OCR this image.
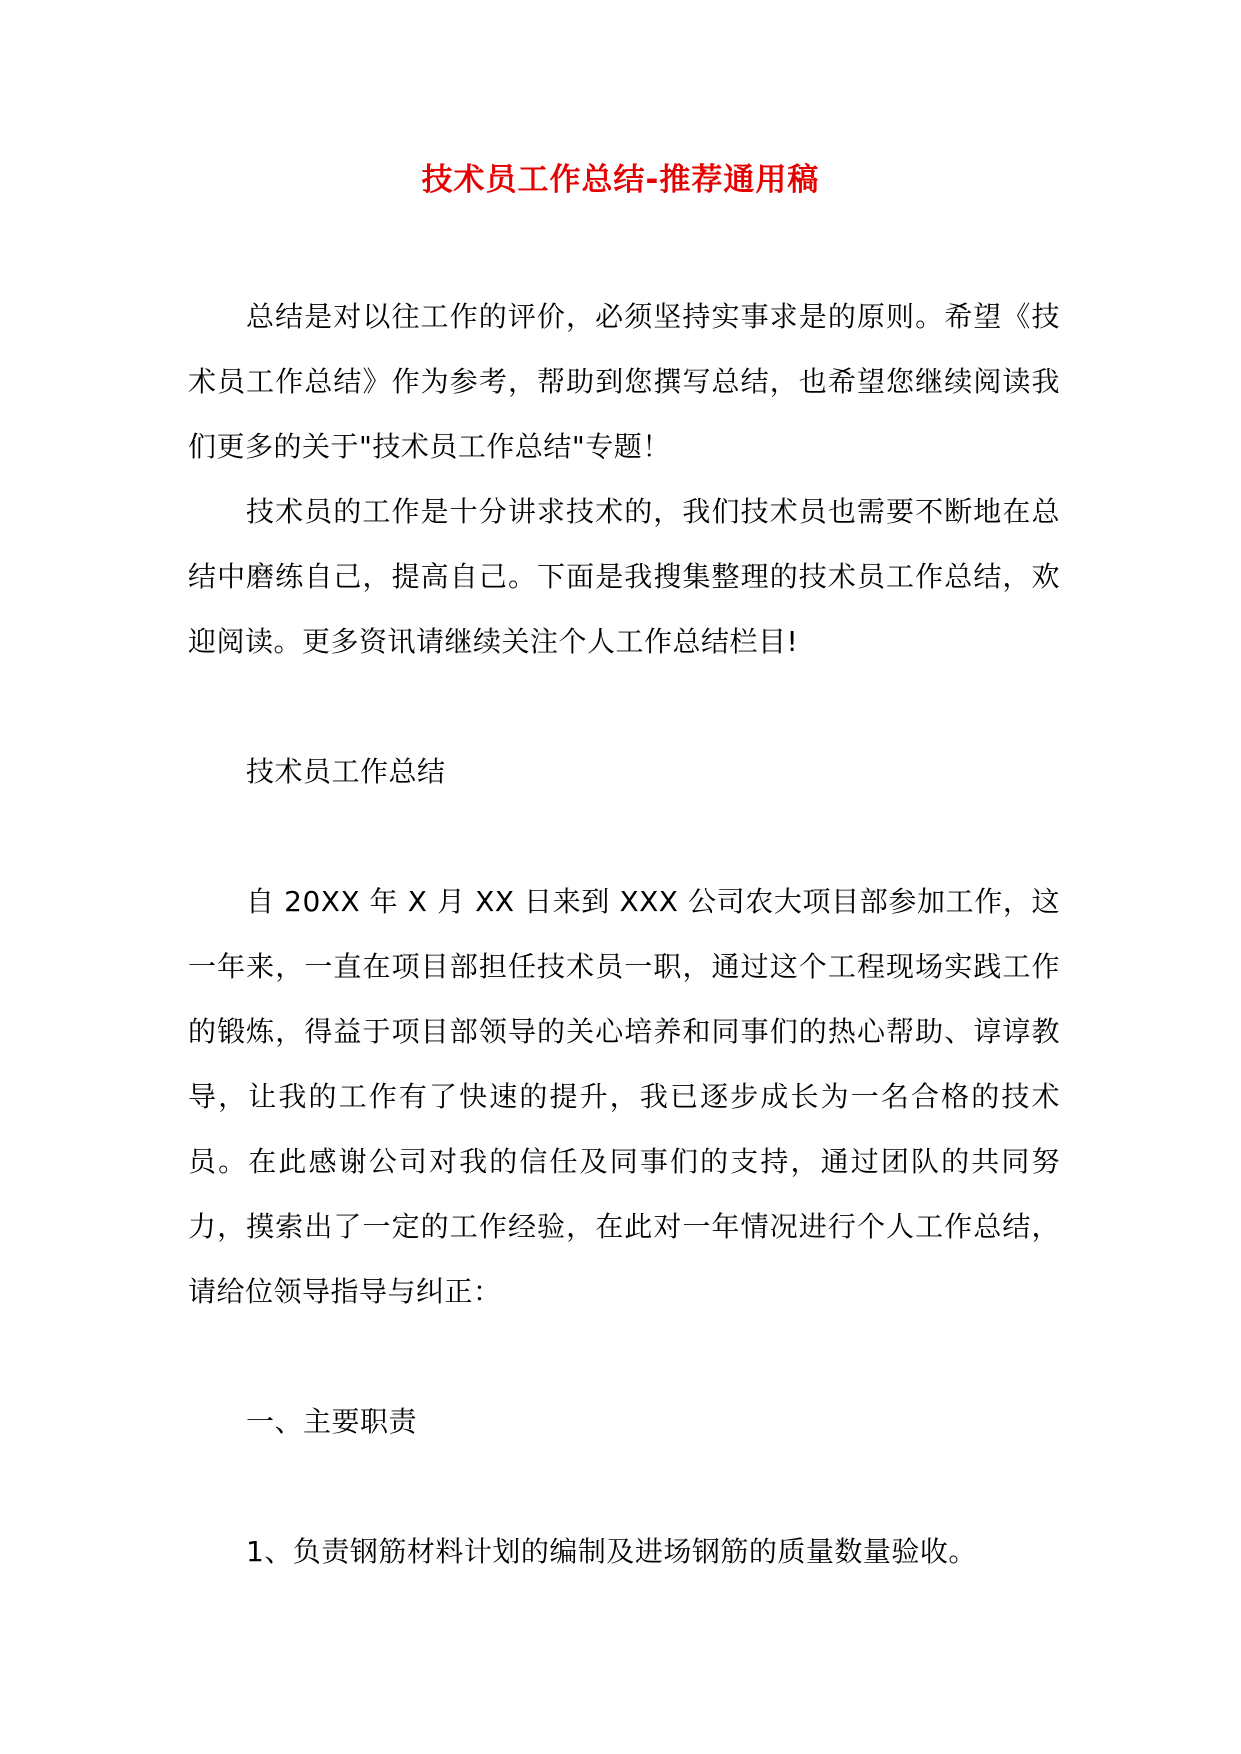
技术员工作总结-推荐通用稿

总结是对以往工作的评价，必须坚持实事求是的原则。希望《技术员工作总结》作为参考，帮助到您撰写总结，也希望您继续阅读我们更多的关于"技术员工作总结"专题！

技术员的工作是十分讲求技术的，我们技术员也需要不断地在总结中磨练自己，提高自己。下面是我搜集整理的技术员工作总结，欢迎阅读。更多资讯请继续关注个人工作总结栏目!

技术员工作总结

自 20XX 年 X 月 XX 日来到 XXX 公司农大项目部参加工作，这一年来，一直在项目部担任技术员一职，通过这个工程现场实践工作的锻炼，得益于项目部领导的关心培养和同事们的热心帮助、谆谆教导，让我的工作有了快速的提升，我已逐步成长为一名合格的技术员。在此感谢公司对我的信任及同事们的支持，通过团队的共同努力，摸索出了一定的工作经验，在此对一年情况进行个人工作总结，请给位领导指导与纠正：

一、主要职责

1、负责钢筋材料计划的编制及进场钢筋的质量数量验收。
